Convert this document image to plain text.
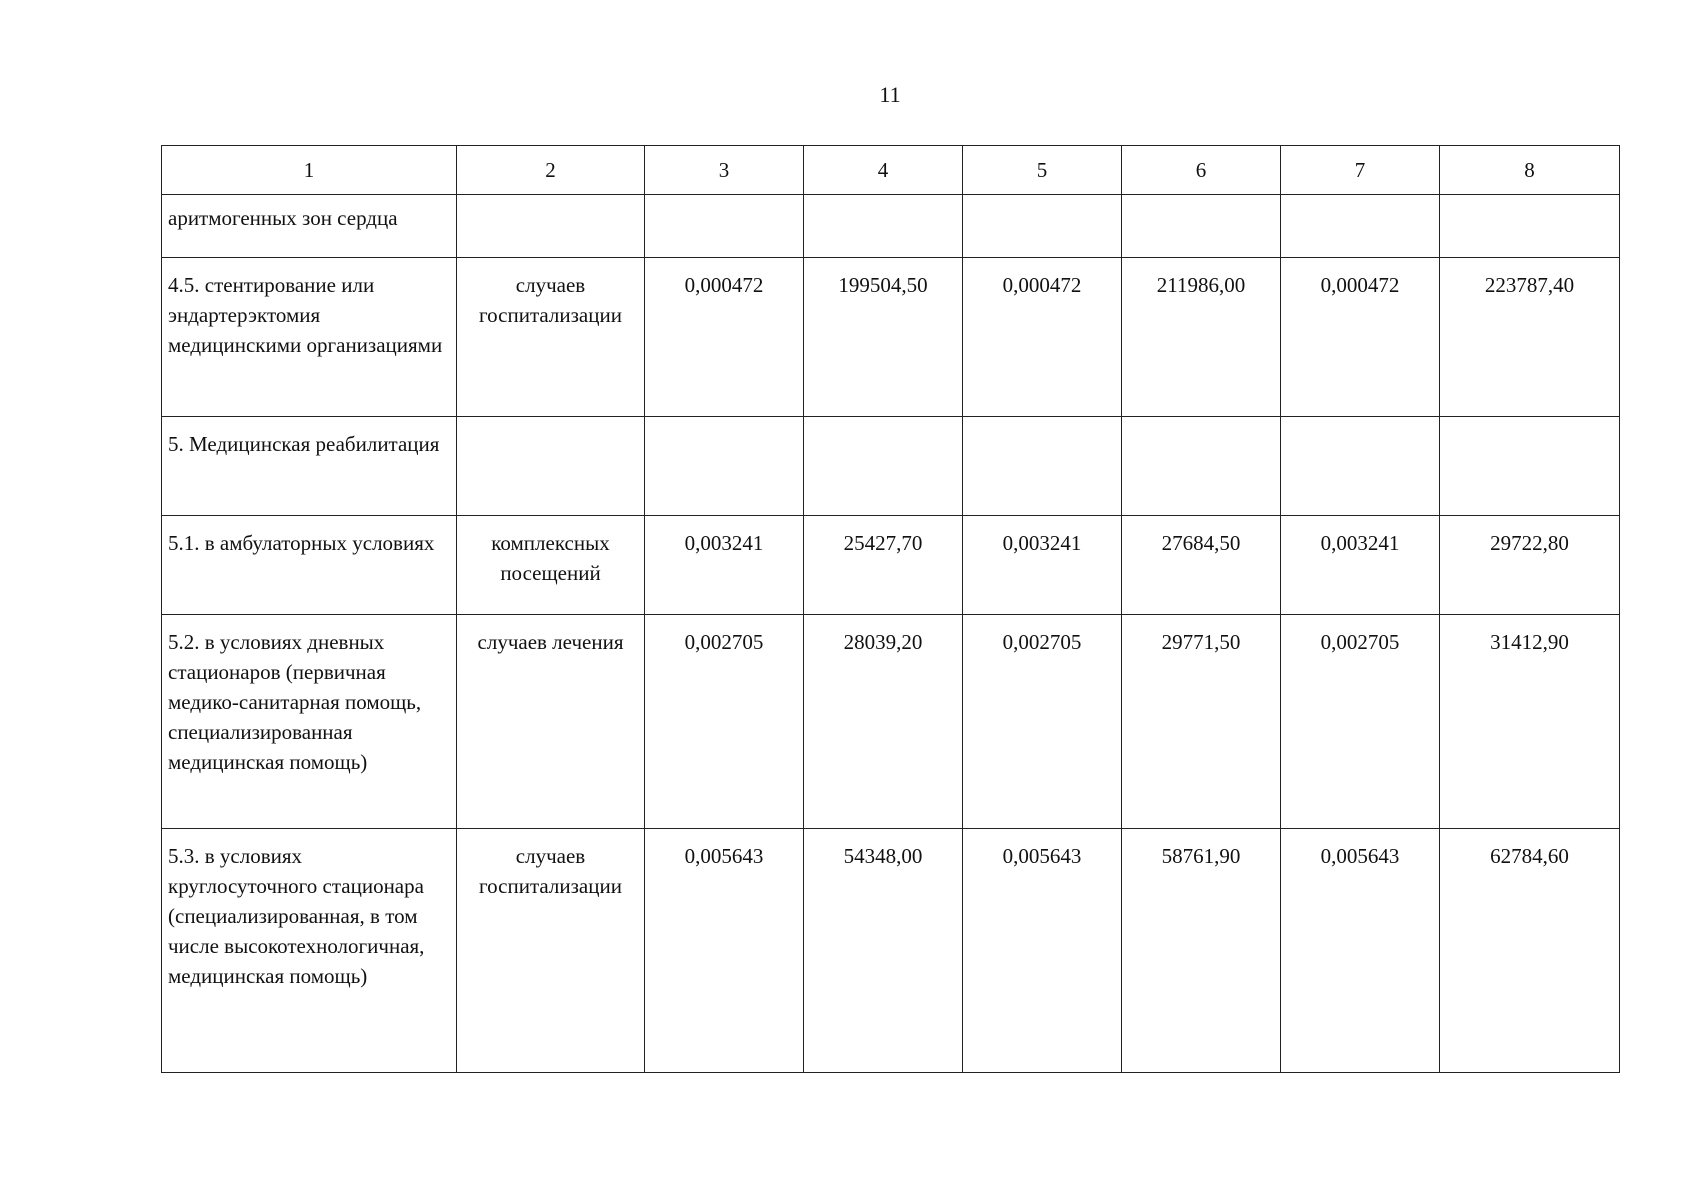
11
1	2	3	4	5	6	7	8
аритмогенных зон сердца							
4.5. стентирование или эндартерэктомия медицинскими организациями	случаев госпитализации	0,000472	199504,50	0,000472	211986,00	0,000472	223787,40
5. Медицинская реабилитация							
5.1. в амбулаторных условиях	комплексных посещений	0,003241	25427,70	0,003241	27684,50	0,003241	29722,80
5.2. в условиях дневных стационаров (первичная медико-санитарная помощь, специализированная медицинская помощь)	случаев лечения	0,002705	28039,20	0,002705	29771,50	0,002705	31412,90
5.3. в условиях круглосуточного стационара (специализированная, в том числе высокотехнологичная, медицинская помощь)	случаев госпитализации	0,005643	54348,00	0,005643	58761,90	0,005643	62784,60
